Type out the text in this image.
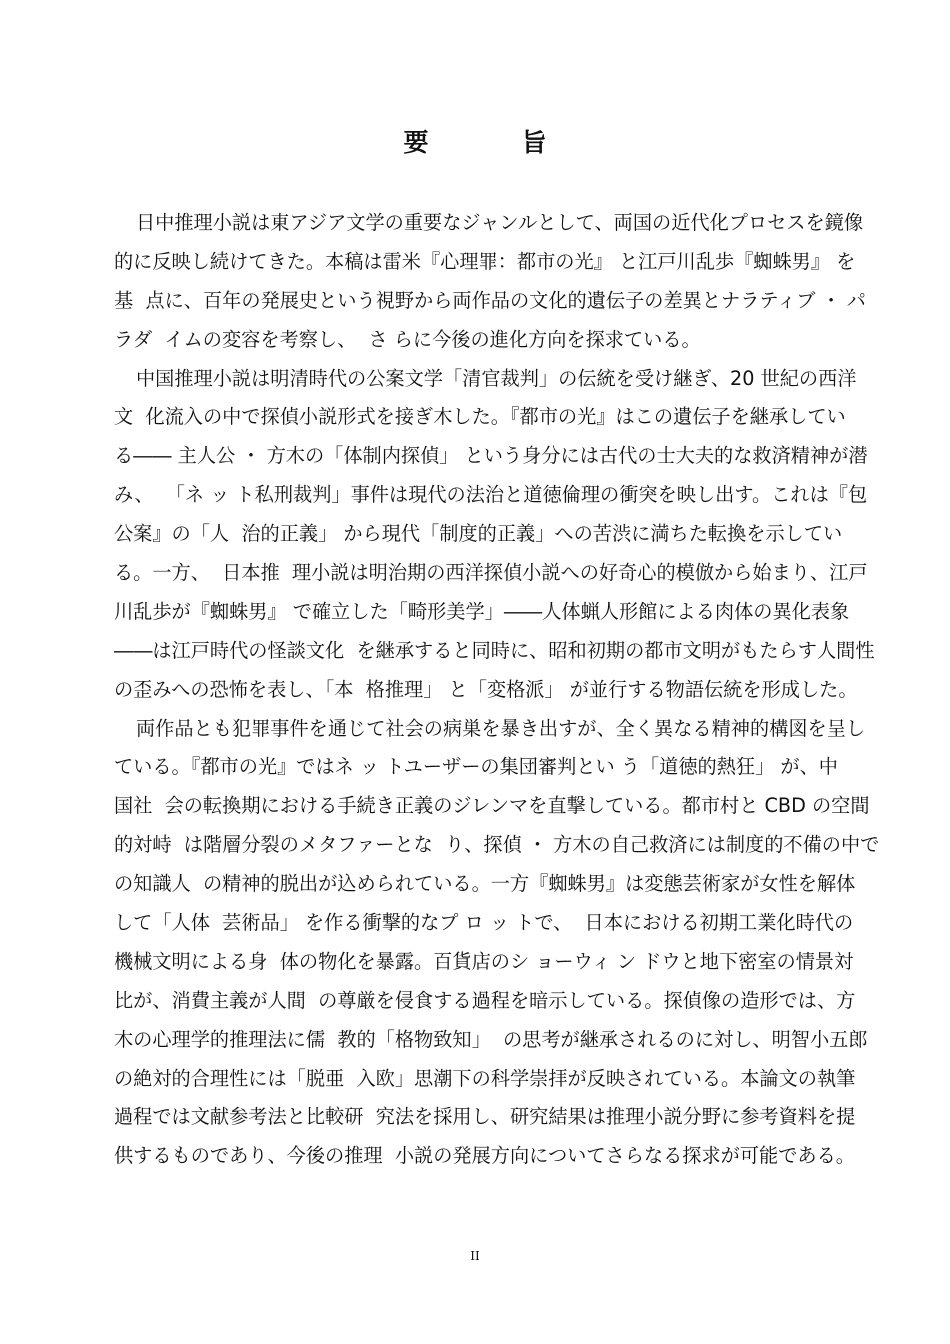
要　旨
日中推理小説は東アジア文学の重要なジャンルとして、両国の近代化プロセスを鏡像
的に反映し続けてきた。本稿は雷米『心理罪：都市の光』 と江戸川乱歩『蜘蛛男』 を
基  点に、百年の発展史という視野から両作品の文化的遺伝子の差異とナラティブ ・ パ
ラダ  イムの変容を考察し、  さ らに今後の進化方向を探求ている。
中国推理小説は明清時代の公案文学「清官裁判」の伝統を受け継ぎ、20 世紀の西洋
文  化流入の中で探偵小説形式を接ぎ木した。『都市の光』はこの遺伝子を継承してい
る―― 主人公 ・ 方木の「体制内探偵」 という身分には古代の士大夫的な救済精神が潜
み、  「ネ ッ ト私刑裁判」事件は現代の法治と道徳倫理の衝突を映し出す。これは『包
公案』の「人  治的正義」 から現代「制度的正義」への苦渋に満ちた転換を示してい
る。一方、  日本推  理小説は明治期の西洋探偵小説への好奇心的模倣から始まり、江戸
川乱歩が『蜘蛛男』 で確立した「畸形美学」――人体蝋人形館による肉体の異化表象
――は江戸時代の怪談文化  を継承すると同時に、昭和初期の都市文明がもたらす人間性
の歪みへの恐怖を表し、「本  格推理」 と「変格派」 が並行する物語伝統を形成した。
両作品とも犯罪事件を通じて社会の病巣を暴き出すが、全く異なる精神的構図を呈し
ている。『都市の光』ではネ ッ トユーザーの集団審判とい う「道徳的熱狂」 が、中
国社  会の転換期における手続き正義のジレンマを直撃している。都市村と CBD の空間
的対峙  は階層分裂のメタファーとな  り、探偵 ・ 方木の自己救済には制度的不備の中で
の知識人  の精神的脱出が込められている。一方『蜘蛛男』は変態芸術家が女性を解体
して「人体  芸術品」 を作る衝撃的なプ ロ ッ トで、  日本における初期工業化時代の
機械文明による身  体の物化を暴露。百貨店のシ ョーウィ ン ドウと地下密室の情景対
比が、消費主義が人間  の尊厳を侵食する過程を暗示している。探偵像の造形では、方
木の心理学的推理法に儒  教的「格物致知」  の思考が継承されるのに対し、明智小五郎
の絶対的合理性には「脱亜  入欧」思潮下の科学崇拝が反映されている。本論文の執筆
過程では文献参考法と比較研  究法を採用し、研究結果は推理小説分野に参考資料を提
供するものであり、今後の推理  小説の発展方向についてさらなる探求が可能である。
II
